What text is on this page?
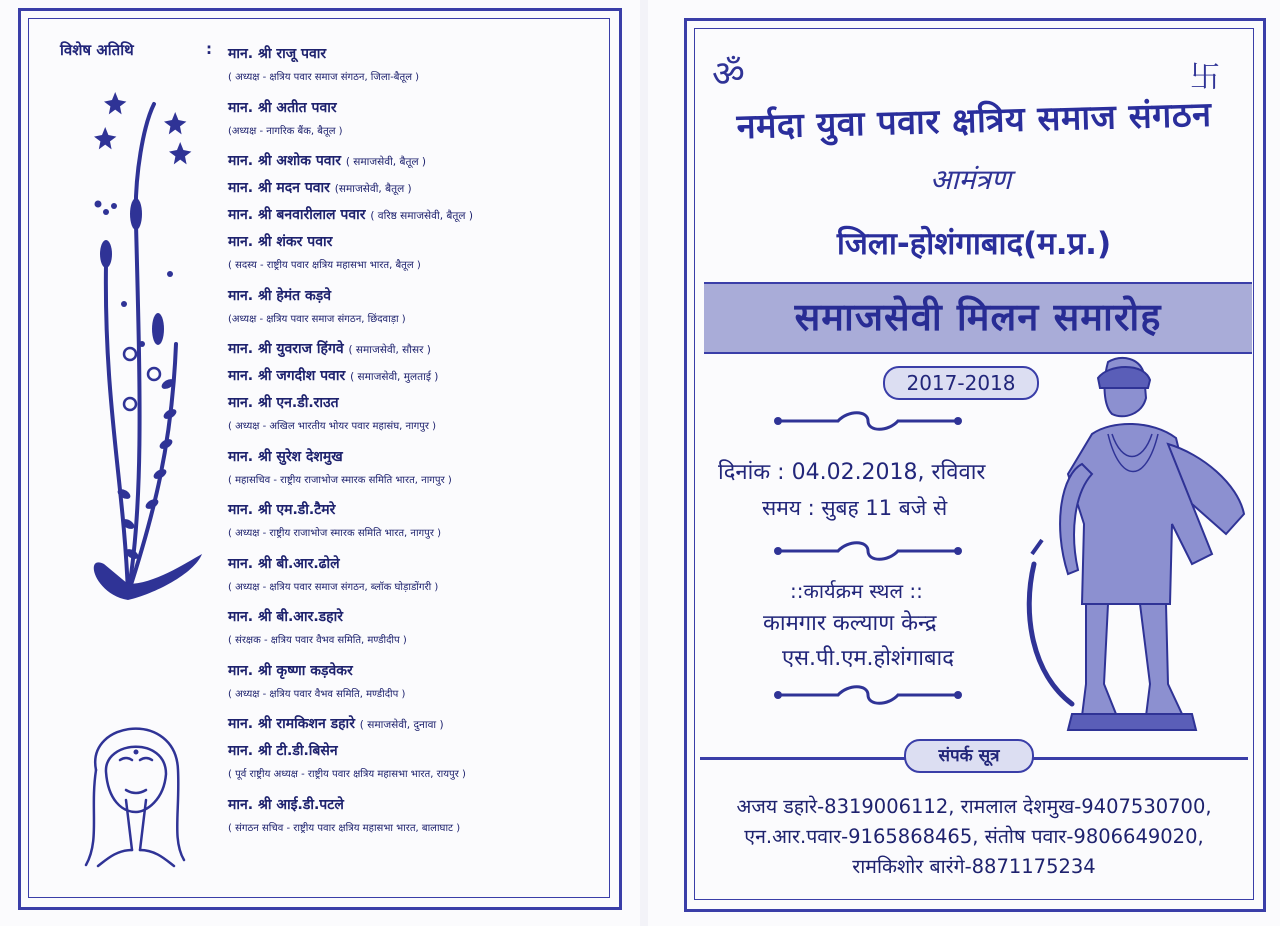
विशेष अतिथि	: मान. श्री राजू पवार
( अध्यक्ष - क्षत्रिय पवार समाज संगठन, जिला-बैतूल )
मान. श्री अतीत पवार
(अध्यक्ष - नागरिक बैंक, बैतूल )
मान. श्री अशोक पवार ( समाजसेवी, बैतूल )
मान. श्री मदन पवार (समाजसेवी, बैतूल )
मान. श्री बनवारीलाल पवार ( वरिष्ठ समाजसेवी, बैतूल )
मान. श्री शंकर पवार
( सदस्य - राष्ट्रीय पवार क्षत्रिय महासभा भारत, बैतूल )
मान. श्री हेमंत कड़वे
(अध्यक्ष - क्षत्रिय पवार समाज संगठन, छिंदवाड़ा )
मान. श्री युवराज हिंगवे ( समाजसेवी, सौसर )
मान. श्री जगदीश पवार ( समाजसेवी, मुलताई )
मान. श्री एन.डी.राउत
( अध्यक्ष - अखिल भारतीय भोयर पवार महासंघ, नागपुर )
मान. श्री सुरेश देशमुख
( महासचिव - राष्ट्रीय राजाभोज स्मारक समिति भारत, नागपुर )
मान. श्री एम.डी.टैमरे
( अध्यक्ष - राष्ट्रीय राजाभोज स्मारक समिति भारत, नागपुर )
मान. श्री बी.आर.ढोले
( अध्यक्ष - क्षत्रिय पवार समाज संगठन, ब्लॉक घोड़ाडोंगरी )
मान. श्री बी.आर.डहारे
( संरक्षक - क्षत्रिय पवार वैभव समिति, मण्डीदीप )
मान. श्री कृष्णा कड़वेकर
( अध्यक्ष - क्षत्रिय पवार वैभव समिति, मण्डीदीप )
मान. श्री रामकिशन डहारे ( समाजसेवी, दुनावा )
मान. श्री टी.डी.बिसेन
( पूर्व राष्ट्रीय अध्यक्ष - राष्ट्रीय पवार क्षत्रिय महासभा भारत, रायपुर )
मान. श्री आई.डी.पटले
( संगठन सचिव - राष्ट्रीय पवार क्षत्रिय महासभा भारत, बालाघाट )
ॐ	卐
नर्मदा युवा पवार क्षत्रिय समाज संगठन
आमंत्रण
जिला-होशंगाबाद(म.प्र.)
समाजसेवी मिलन समारोह
2017-2018
दिनांक : 04.02.2018, रविवार
समय : सुबह 11 बजे से
::कार्यक्रम स्थल ::
कामगार कल्याण केन्द्र
एस.पी.एम.होशंगाबाद
संपर्क सूत्र
अजय डहारे-8319006112, रामलाल देशमुख-9407530700,
एन.आर.पवार-9165868465, संतोष पवार-9806649020,
रामकिशोर बारंगे-8871175234
